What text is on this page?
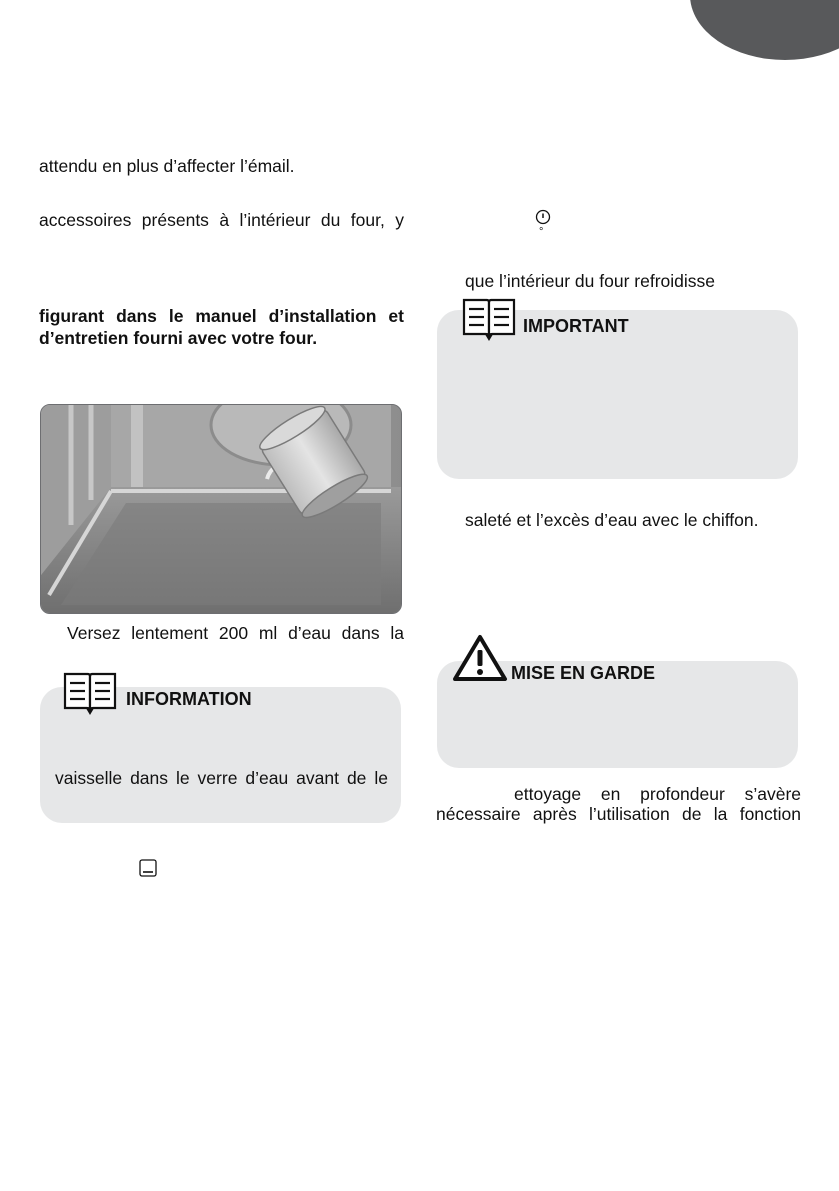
attendu en plus d’affecter l’émail.
accessoires présents à l’intérieur du four, y
figurant dans le manuel d’installation et
d’entretien fourni avec votre four.
Versez lentement 200 ml d’eau dans la
INFORMATION
vaisselle dans le verre d’eau avant de le
°
que l’intérieur du four refroidisse
IMPORTANT
saleté et l’excès d’eau avec le chiffon.
MISE EN GARDE
ettoyage en profondeur s’avère
nécessaire après l’utilisation de la fonction
